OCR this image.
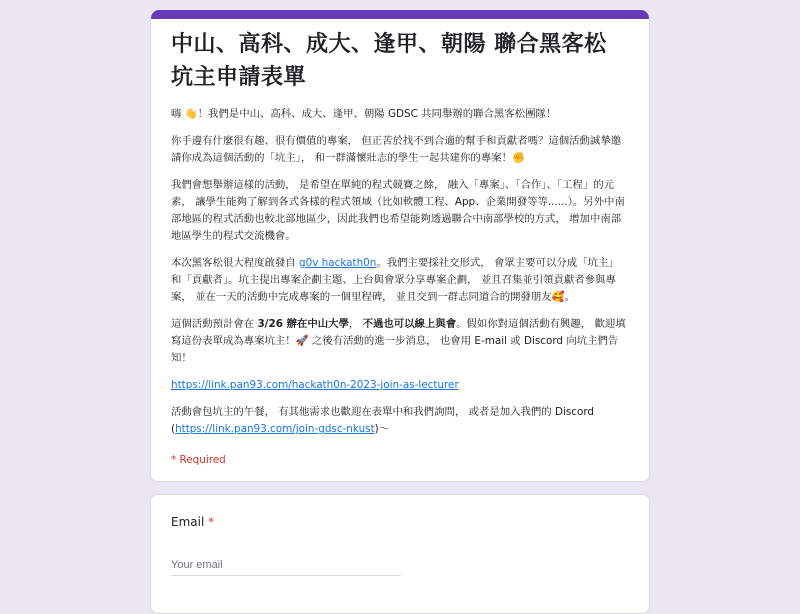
中山、高科、成大、逢甲、朝陽 聯合黑客松 坑主申請表單

嗨 👋！我們是中山、高科、成大、逢甲、朝陽 GDSC 共同舉辦的聯合黑客松團隊！

你手邊有什麼很有趣、很有價值的專案， 但正苦於找不到合適的幫手和貢獻者嗎？這個活動誠摯邀請你成為這個活動的「坑主」， 和一群滿懷壯志的學生一起共建你的專案！✊

我們會想舉辦這樣的活動， 是希望在單純的程式競賽之餘， 融入「專案」、「合作」、「工程」的元素， 讓學生能夠了解到各式各樣的程式領域（比如軟體工程、App、企業開發等等......）。另外中南部地區的程式活動也較北部地區少，因此我們也希望能夠透過聯合中南部學校的方式， 增加中南部地區學生的程式交流機會。

本次黑客松很大程度啟發自 g0v hackath0n。我們主要採社交形式， 會眾主要可以分成「坑主」和「貢獻者」。坑主提出專案企劃主題、上台與會眾分享專案企劃， 並且召集並引領貢獻者參與專案， 並在一天的活動中完成專案的一個里程碑， 並且交到一群志同道合的開發朋友🥰。

這個活動預計會在 3/26 辦在中山大學， 不過也可以線上與會。假如你對這個活動有興趣， 歡迎填寫這份表單成為專案坑主！🚀 之後有活動的進一步消息， 也會用 E-mail 或 Discord 向坑主們告知！

https://link.pan93.com/hackath0n-2023-join-as-lecturer

活動會包坑主的午餐， 有其他需求也歡迎在表單中和我們詢問， 或者是加入我們的 Discord (https://link.pan93.com/join-gdsc-nkust)～

* Required
Email *
Your email
